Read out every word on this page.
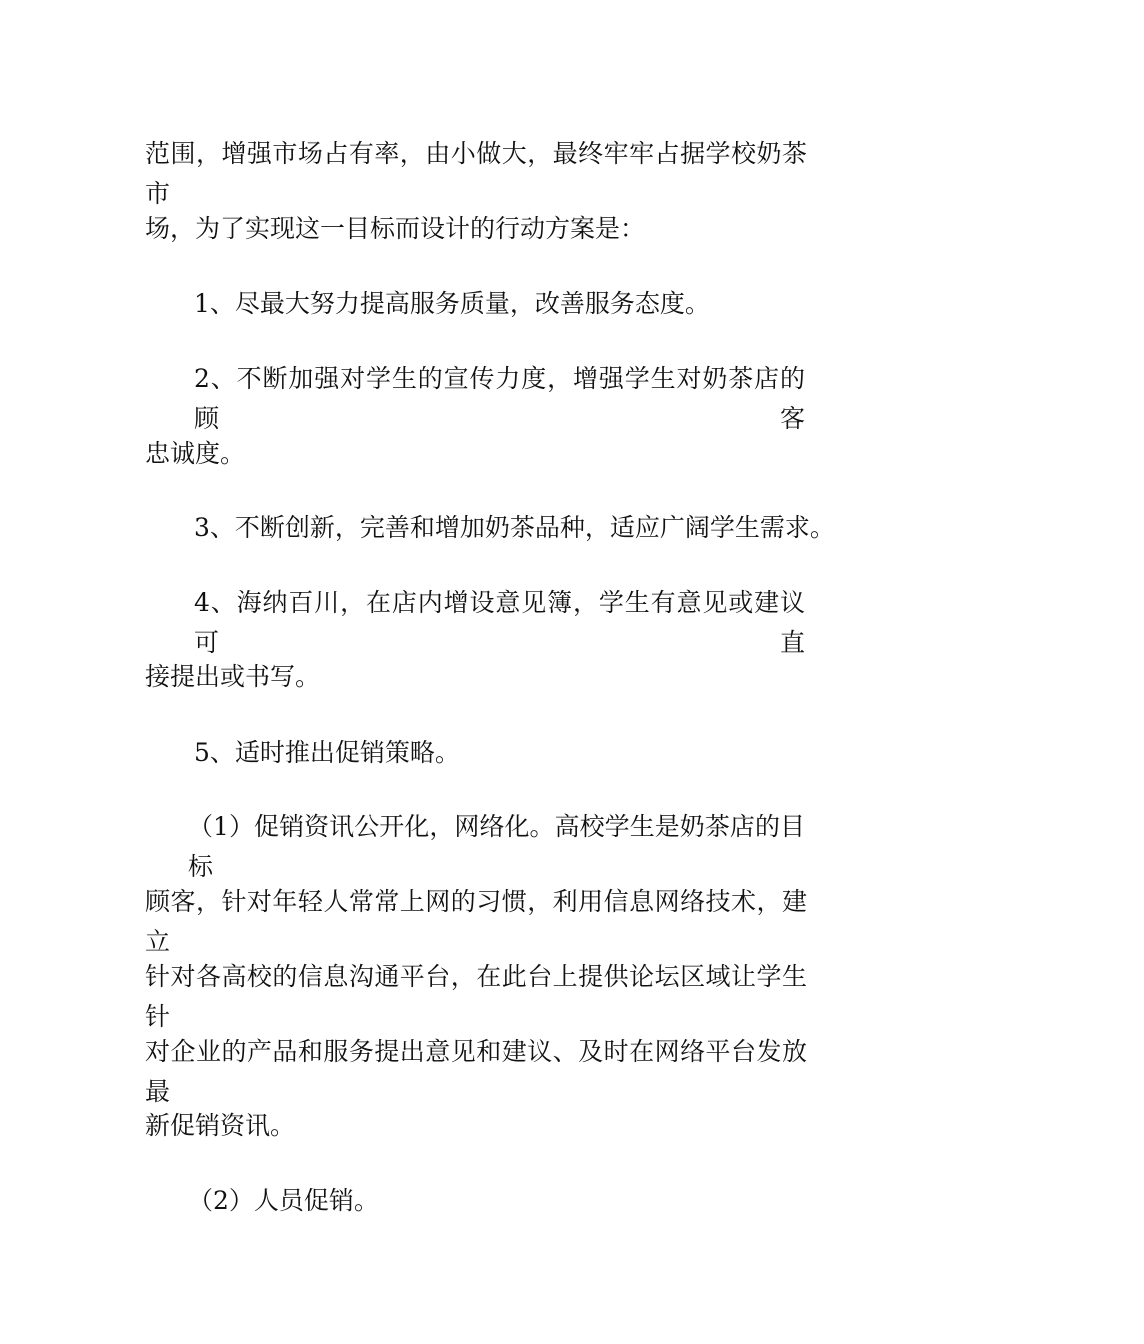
范围，增强市场占有率，由小做大，最终牢牢占据学校奶茶市
场，为了实现这一目标而设计的行动方案是：
1、尽最大努力提高服务质量，改善服务态度。
2、不断加强对学生的宣传力度，增强学生对奶茶店的顾客
忠诚度。
3、不断创新，完善和增加奶茶品种，适应广阔学生需求。
4、海纳百川，在店内增设意见簿，学生有意见或建议可直
接提出或书写。
5、适时推出促销策略。
（1）促销资讯公开化，网络化。高校学生是奶茶店的目标
顾客，针对年轻人常常上网的习惯，利用信息网络技术，建立
针对各高校的信息沟通平台，在此台上提供论坛区域让学生针
对企业的产品和服务提出意见和建议、及时在网络平台发放最
新促销资讯。
（2）人员促销。
